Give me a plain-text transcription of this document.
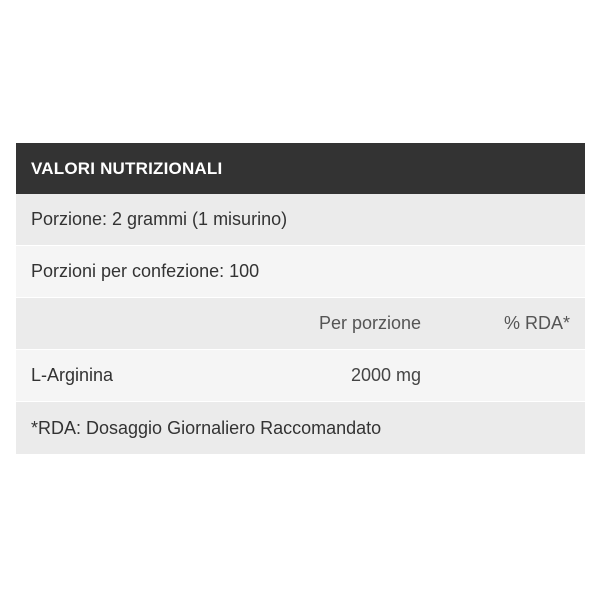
VALORI NUTRIZIONALI
Porzione: 2 grammi (1 misurino)
Porzioni per confezione: 100
Per porzione	% RDA*
L-Arginina	2000 mg
*RDA: Dosaggio Giornaliero Raccomandato
